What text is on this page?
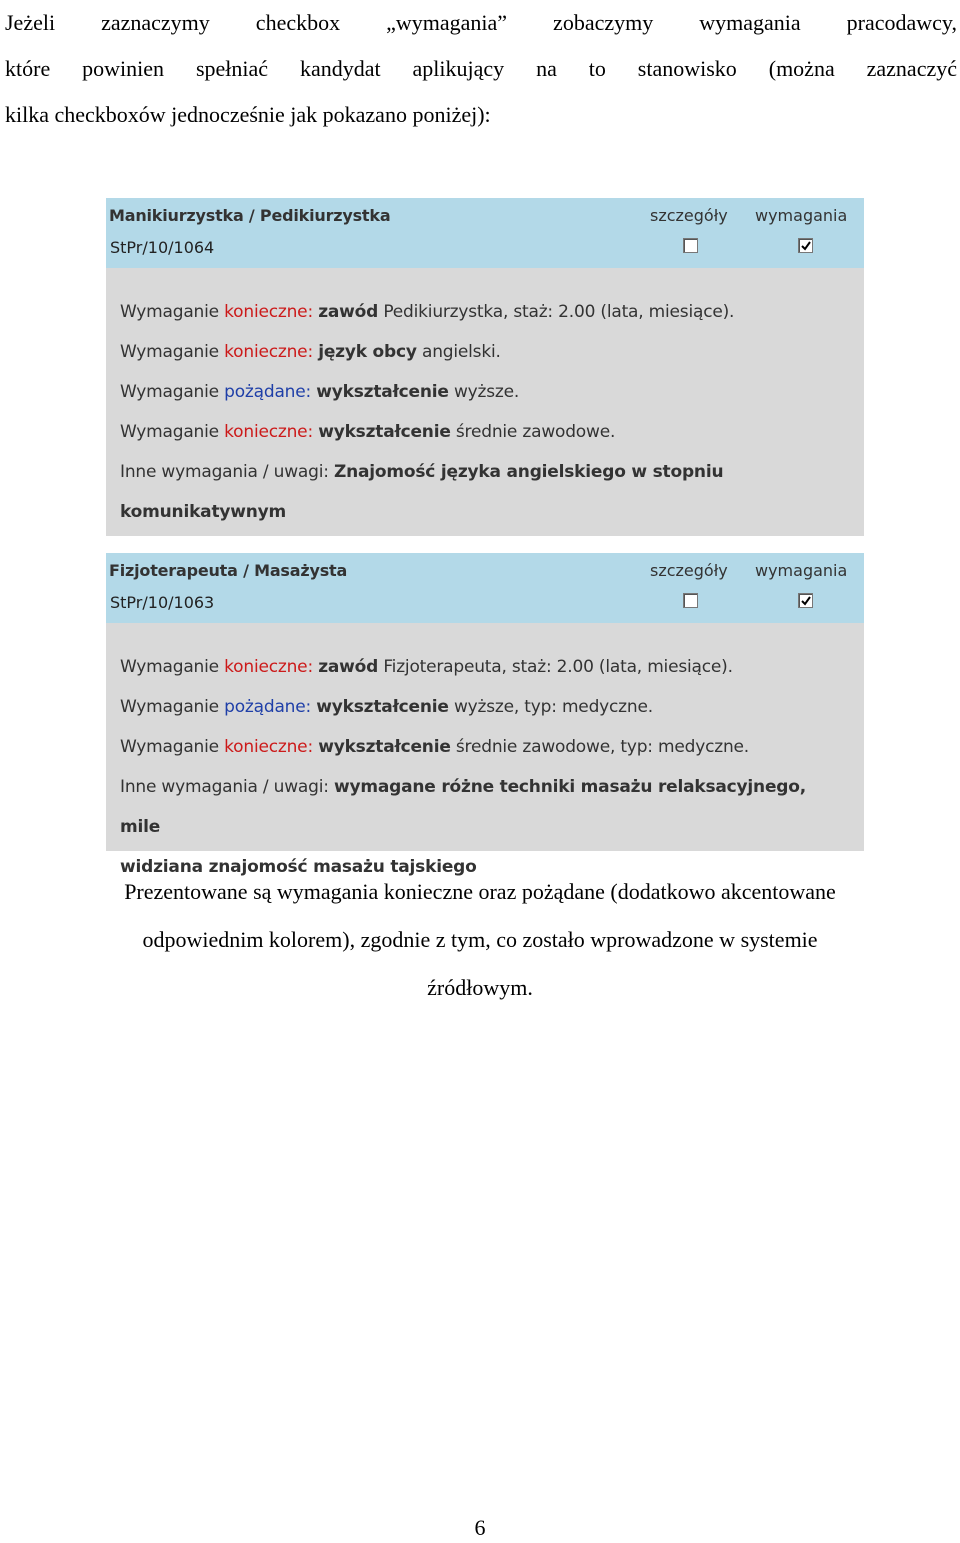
Jeżeli zaznaczymy checkbox „wymagania” zobaczymy wymagania pracodawcy,
które powinien spełniać kandydat aplikujący na to stanowisko (można zaznaczyć
kilka checkboxów jednocześnie jak pokazano poniżej):
Manikiurzystka / Pedikiurzystka
StPr/10/1064
szczegóły wymagania
Wymaganie konieczne: zawód Pedikiurzystka, staż: 2.00 (lata, miesiące).
Wymaganie konieczne: język obcy angielski.
Wymaganie pożądane: wykształcenie wyższe.
Wymaganie konieczne: wykształcenie średnie zawodowe.
Inne wymagania / uwagi: Znajomość języka angielskiego w stopniu
komunikatywnym
Fizjoterapeuta / Masażysta
StPr/10/1063
szczegóły wymagania
Wymaganie konieczne: zawód Fizjoterapeuta, staż: 2.00 (lata, miesiące).
Wymaganie pożądane: wykształcenie wyższe, typ: medyczne.
Wymaganie konieczne: wykształcenie średnie zawodowe, typ: medyczne.
Inne wymagania / uwagi: wymagane różne techniki masażu relaksacyjnego, mile
widziana znajomość masażu tajskiego
Prezentowane są wymagania konieczne oraz pożądane (dodatkowo akcentowane
odpowiednim kolorem), zgodnie z tym, co zostało wprowadzone w systemie
źródłowym.
6
